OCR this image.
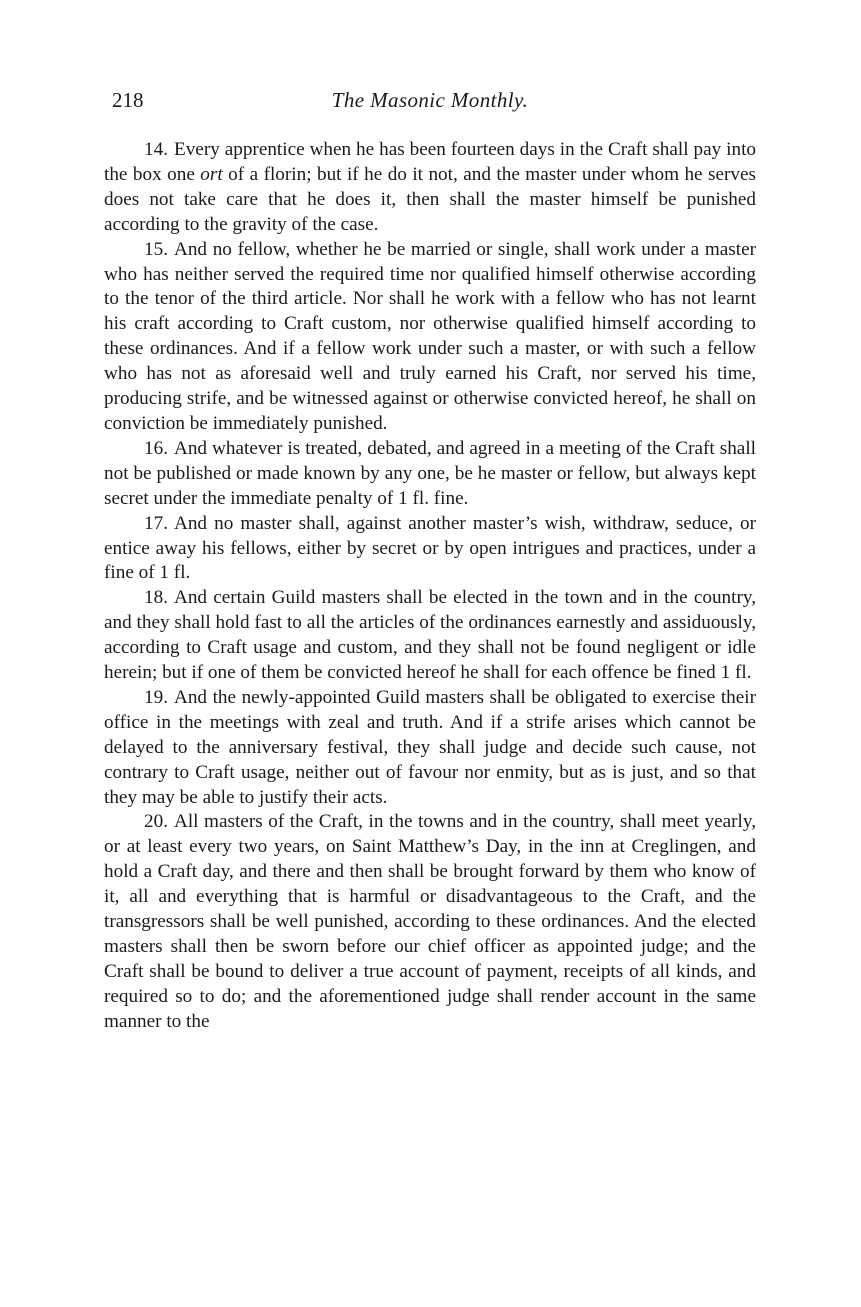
218	The Masonic Monthly.

14. Every apprentice when he has been fourteen days in the Craft shall pay into the box one ort of a florin; but if he do it not, and the master under whom he serves does not take care that he does it, then shall the master himself be punished according to the gravity of the case.

15. And no fellow, whether he be married or single, shall work under a master who has neither served the required time nor qualified himself otherwise according to the tenor of the third article. Nor shall he work with a fellow who has not learnt his craft according to Craft custom, nor otherwise qualified himself according to these ordinances. And if a fellow work under such a master, or with such a fellow who has not as aforesaid well and truly earned his Craft, nor served his time, producing strife, and be witnessed against or otherwise convicted hereof, he shall on conviction be immediately punished.

16. And whatever is treated, debated, and agreed in a meeting of the Craft shall not be published or made known by any one, be he master or fellow, but always kept secret under the immediate penalty of 1 fl. fine.

17. And no master shall, against another master’s wish, withdraw, seduce, or entice away his fellows, either by secret or by open intrigues and practices, under a fine of 1 fl.

18. And certain Guild masters shall be elected in the town and in the country, and they shall hold fast to all the articles of the ordinances earnestly and assiduously, according to Craft usage and custom, and they shall not be found negligent or idle herein; but if one of them be convicted hereof he shall for each offence be fined 1 fl.

19. And the newly-appointed Guild masters shall be obligated to exercise their office in the meetings with zeal and truth. And if a strife arises which cannot be delayed to the anniversary festival, they shall judge and decide such cause, not contrary to Craft usage, neither out of favour nor enmity, but as is just, and so that they may be able to justify their acts.

20. All masters of the Craft, in the towns and in the country, shall meet yearly, or at least every two years, on Saint Matthew’s Day, in the inn at Creglingen, and hold a Craft day, and there and then shall be brought forward by them who know of it, all and everything that is harmful or disadvantageous to the Craft, and the transgressors shall be well punished, according to these ordinances. And the elected masters shall then be sworn before our chief officer as appointed judge; and the Craft shall be bound to deliver a true account of payment, receipts of all kinds, and required so to do; and the aforementioned judge shall render account in the same manner to the
